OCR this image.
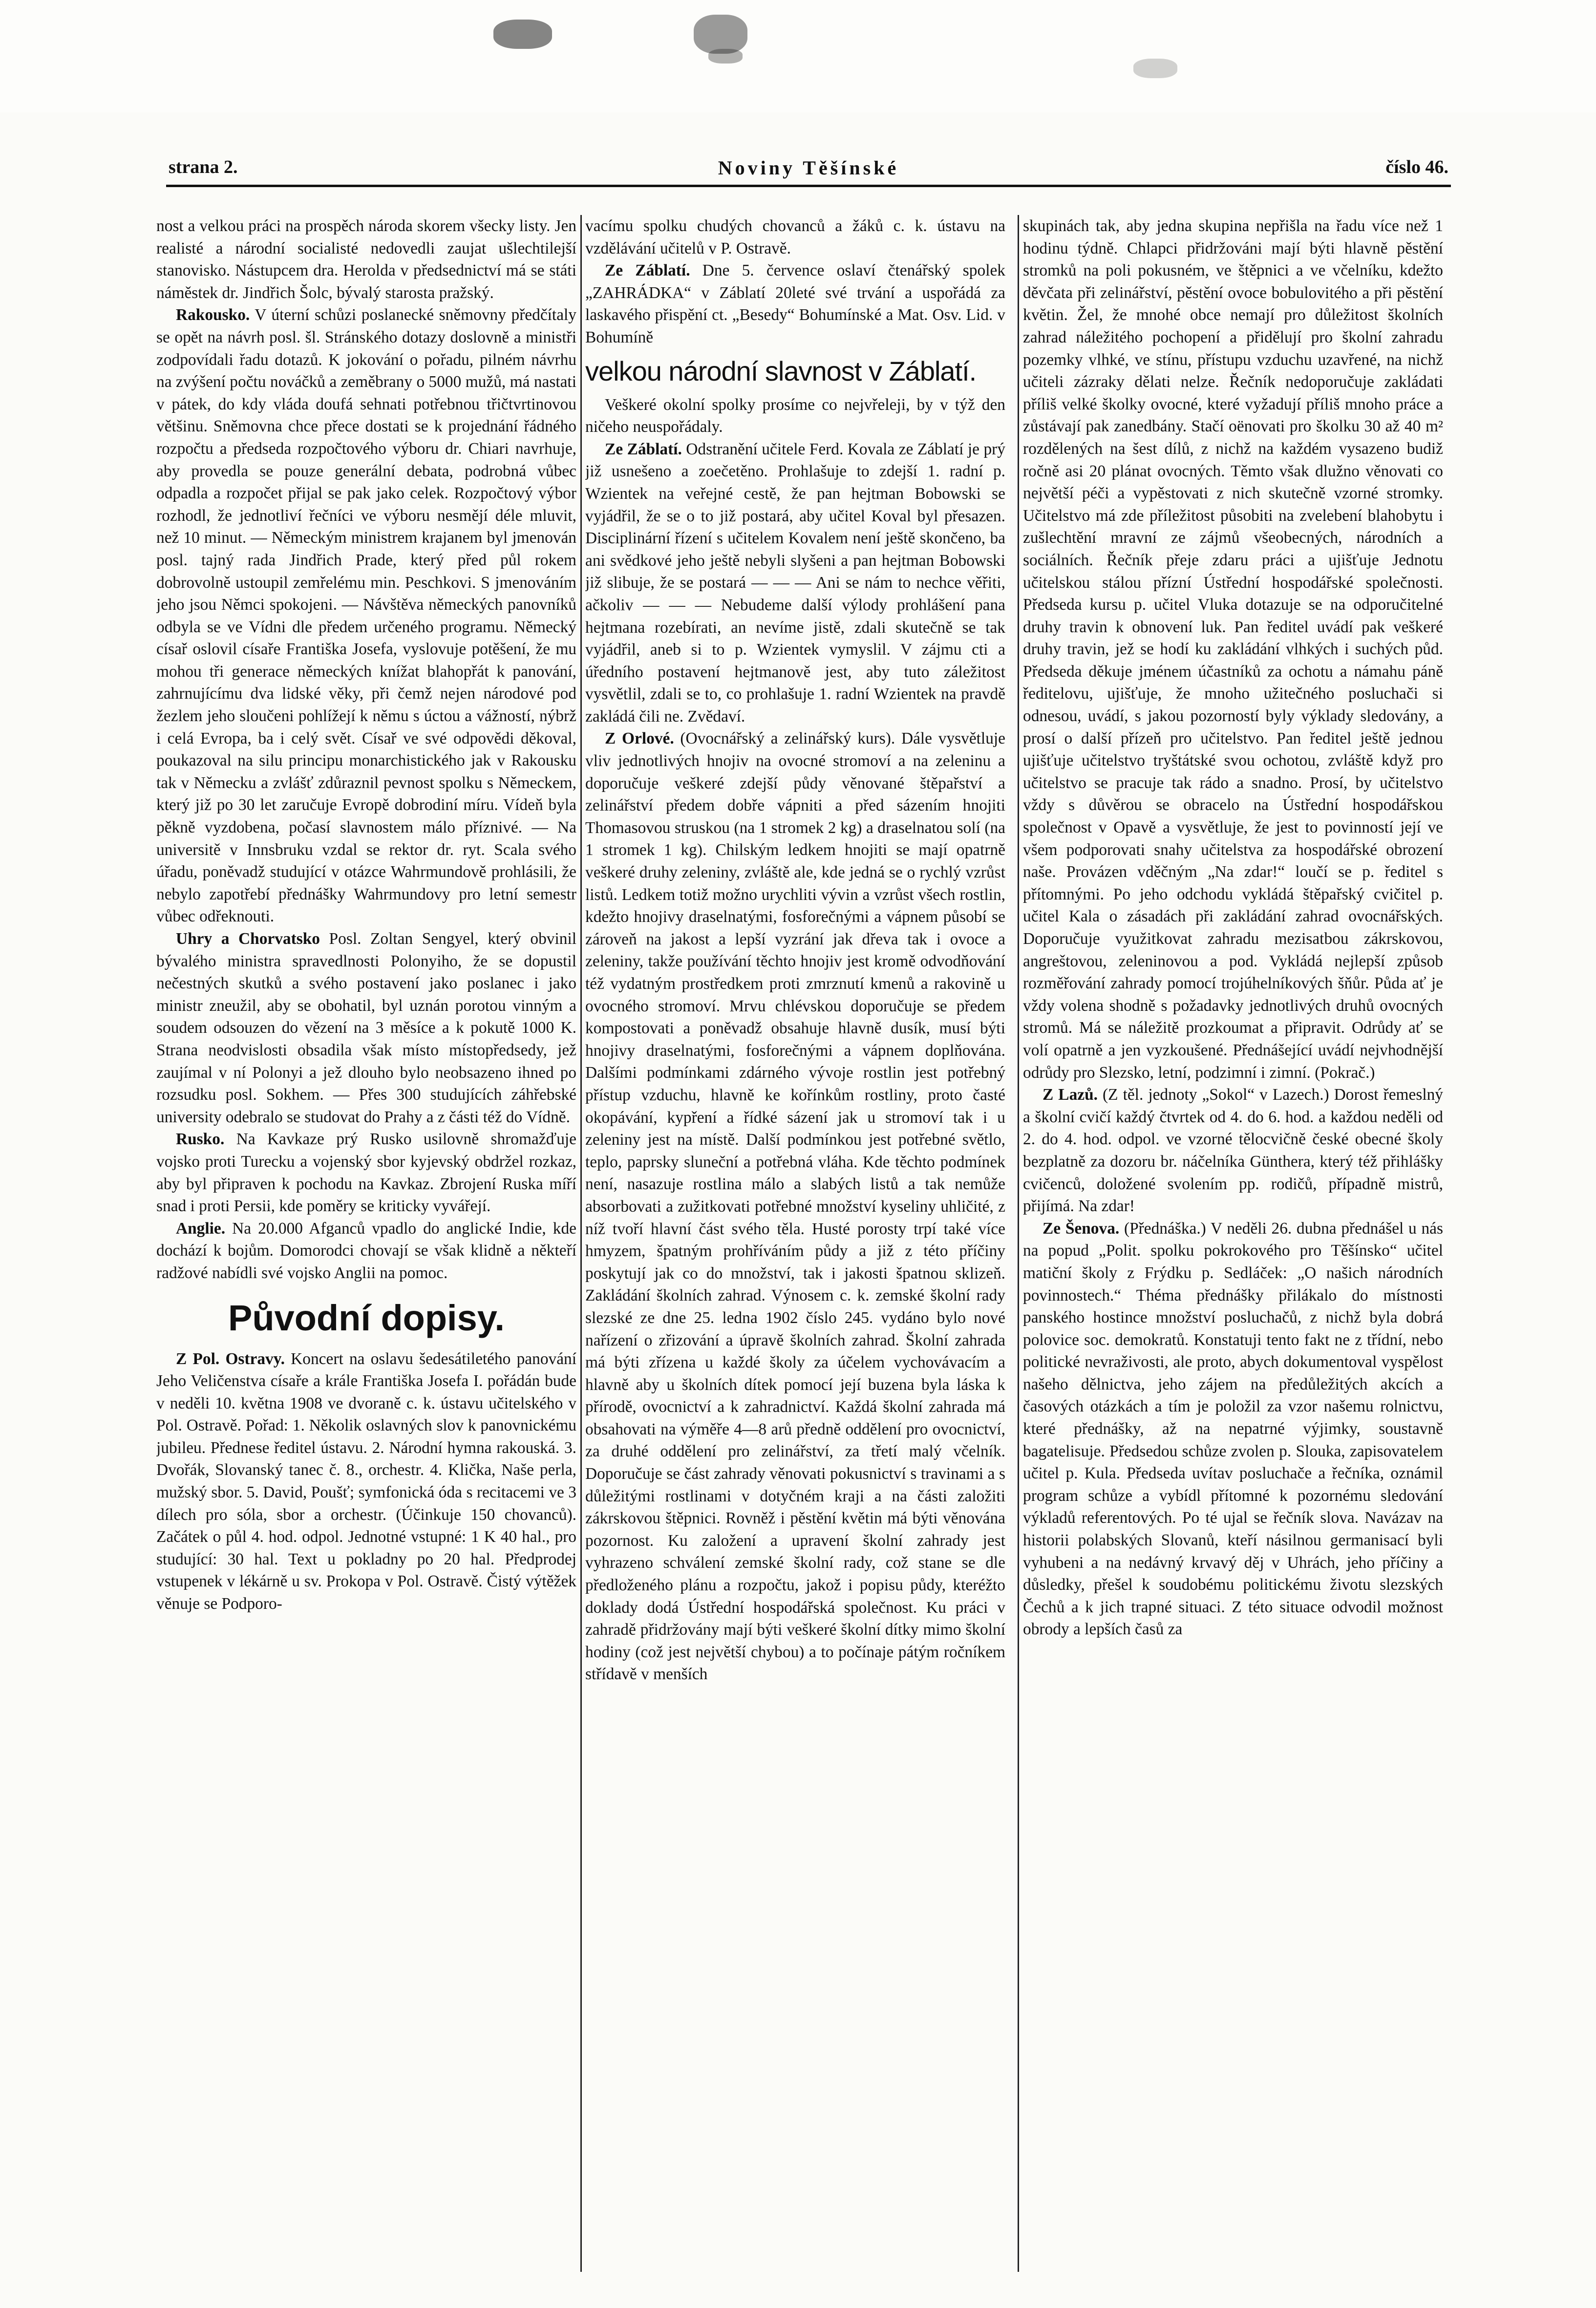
strana 2.	Noviny Těšínské	číslo 46.

nost a velkou práci na prospěch národa skorem všecky listy. Jen realisté a národní socialisté nedovedli zaujat ušlechtilejší stanovisko. Nástupcem dra. Herolda v předsednictví má se státi náměstek dr. Jindřich Šolc, bývalý starosta pražský.

Rakousko. V úterní schůzi poslanecké sněmovny předčítaly se opět na návrh posl. šl. Stránského dotazy doslovně a ministři zodpovídali řadu dotazů. K jokování o pořadu, pilném návrhu na zvýšení počtu nováčků a zeměbrany o 5000 mužů, má nastati v pátek, do kdy vláda doufá sehnati potřebnou třičtvrtinovou většinu. Sněmovna chce přece dostati se k projednání řádného rozpočtu a předseda rozpočtového výboru dr. Chiari navrhuje, aby provedla se pouze generální debata, podrobná vůbec odpadla a rozpočet přijal se pak jako celek. Rozpočtový výbor rozhodl, že jednotliví řečníci ve výboru nesmějí déle mluvit, než 10 minut. — Německým ministrem krajanem byl jmenován posl. tajný rada Jindřich Prade, který před půl rokem dobrovolně ustoupil zemřelému min. Peschkovi. S jmenováním jeho jsou Němci spokojeni. — Návštěva německých panovníků odbyla se ve Vídni dle předem určeného programu. Německý císař oslovil císaře Františka Josefa, vyslovuje potěšení, že mu mohou tři generace německých knížat blahopřát k panování, zahrnujícímu dva lidské věky, při čemž nejen národové pod žezlem jeho sloučeni pohlížejí k němu s úctou a vážností, nýbrž i celá Evropa, ba i celý svět. Císař ve své odpovědi děkoval, poukazoval na silu principu monarchistického jak v Rakousku tak v Německu a zvlášť zdůraznil pevnost spolku s Německem, který již po 30 let zaručuje Evropě dobrodiní míru. Vídeň byla pěkně vyzdobena, počasí slavnostem málo příznivé. — Na universitě v Innsbruku vzdal se rektor dr. ryt. Scala svého úřadu, poněvadž studující v otázce Wahrmundově prohlásili, že nebylo zapotřebí přednášky Wahrmundovy pro letní semestr vůbec odřeknouti.

Uhry a Chorvatsko Posl. Zoltan Sengyel, který obvinil bývalého ministra spravedlnosti Polonyiho, že se dopustil nečestných skutků a svého postavení jako poslanec i jako ministr zneužil, aby se obohatil, byl uznán porotou vinným a soudem odsouzen do vězení na 3 měsíce a k pokutě 1000 K. Strana neodvislosti obsadila však místo místopředsedy, jež zaujímal v ní Polonyi a jež dlouho bylo neobsazeno ihned po rozsudku posl. Sokhem. — Přes 300 studujících záhřebské university odebralo se studovat do Prahy a z části též do Vídně.

Rusko. Na Kavkaze prý Rusko usilovně shromažďuje vojsko proti Turecku a vojenský sbor kyjevský obdržel rozkaz, aby byl připraven k pochodu na Kavkaz. Zbrojení Ruska míří snad i proti Persii, kde poměry se kriticky vyvářejí.

Anglie. Na 20.000 Afganců vpadlo do anglické Indie, kde dochází k bojům. Domorodci chovají se však klidně a někteří radžové nabídli své vojsko Anglii na pomoc.

Původní dopisy.

Z Pol. Ostravy. Koncert na oslavu šedesátiletého panování Jeho Veličenstva císaře a krále Františka Josefa I. pořádán bude v neděli 10. května 1908 ve dvoraně c. k. ústavu učitelského v Pol. Ostravě. Pořad: 1. Několik oslavných slov k panovnickému jubileu. Přednese ředitel ústavu. 2. Národní hymna rakouská. 3. Dvořák, Slovanský tanec č. 8., orchestr. 4. Klička, Naše perla, mužský sbor. 5. David, Poušť; symfonická óda s recitacemi ve 3 dílech pro sóla, sbor a orchestr. (Účinkuje 150 chovanců). Začátek o půl 4. hod. odpol. Jednotné vstupné: 1 K 40 hal., pro studující: 30 hal. Text u pokladny po 20 hal. Předprodej vstupenek v lékárně u sv. Prokopa v Pol. Ostravě. Čistý výtěžek věnuje se Podporo-

vacímu spolku chudých chovanců a žáků c. k. ústavu na vzdělávání učitelů v P. Ostravě.

Ze Záblatí. Dne 5. července oslaví čtenářský spolek „ZAHRÁDKA“ v Záblatí 20leté své trvání a uspořádá za laskavého přispění ct. „Besedy“ Bohumínské a Mat. Osv. Lid. v Bohumíně

velkou národní slavnost v Záblatí.

Veškeré okolní spolky prosíme co nejvřeleji, by v týž den ničeho neuspořádaly.

Ze Záblatí. Odstranění učitele Ferd. Kovala ze Záblatí je prý již usnešeno a zoečetěno. Prohlašuje to zdejší 1. radní p. Wzientek na veřejné cestě, že pan hejtman Bobowski se vyjádřil, že se o to již postará, aby učitel Koval byl přesazen. Disciplinární řízení s učitelem Kovalem není ještě skončeno, ba ani svědkové jeho ještě nebyli slyšeni a pan hejtman Bobowski již slibuje, že se postará — — — Ani se nám to nechce věřiti, ačkoliv — — — Nebudeme další výlody prohlášení pana hejtmana rozebírati, an nevíme jistě, zdali skutečně se tak vyjádřil, aneb si to p. Wzientek vymyslil. V zájmu cti a úředního postavení hejtmanově jest, aby tuto záležitost vysvětlil, zdali se to, co prohlašuje 1. radní Wzientek na pravdě zakládá čili ne. Zvědaví.

Z Orlové. (Ovocnářský a zelinářský kurs). Dále vysvětluje vliv jednotlivých hnojiv na ovocné stromoví a na zeleninu a doporučuje veškeré zdejší půdy věnované štěpařství a zelinářství předem dobře vápniti a před sázením hnojiti Thomasovou struskou (na 1 stromek 2 kg) a draselnatou solí (na 1 stromek 1 kg). Chilským ledkem hnojiti se mají opatrně veškeré druhy zeleniny, zvláště ale, kde jedná se o rychlý vzrůst listů. Ledkem totiž možno urychliti vývin a vzrůst všech rostlin, kdežto hnojivy draselnatými, fosforečnými a vápnem působí se zároveň na jakost a lepší vyzrání jak dřeva tak i ovoce a zeleniny, takže používání těchto hnojiv jest kromě odvodňování též vydatným prostředkem proti zmrznutí kmenů a rakovině u ovocného stromoví. Mrvu chlévskou doporučuje se předem kompostovati a poněvadž obsahuje hlavně dusík, musí býti hnojivy draselnatými, fosforečnými a vápnem doplňována. Dalšími podmínkami zdárného vývoje rostlin jest potřebný přístup vzduchu, hlavně ke kořínkům rostliny, proto časté okopávání, kypření a řídké sázení jak u stromoví tak i u zeleniny jest na místě. Další podmínkou jest potřebné světlo, teplo, paprsky sluneční a potřebná vláha. Kde těchto podmínek není, nasazuje rostlina málo a slabých listů a tak nemůže absorbovati a zužitkovati potřebné množství kyseliny uhličité, z níž tvoří hlavní část svého těla. Husté porosty trpí také více hmyzem, špatným prohříváním půdy a již z této příčiny poskytují jak co do množství, tak i jakosti špatnou sklizeň. Zakládání školních zahrad. Výnosem c. k. zemské školní rady slezské ze dne 25. ledna 1902 číslo 245. vydáno bylo nové nařízení o zřizování a úpravě školních zahrad. Školní zahrada má býti zřízena u každé školy za účelem vychovávacím a hlavně aby u školních dítek pomocí její buzena byla láska k přírodě, ovocnictví a k zahradnictví. Každá školní zahrada má obsahovati na výměře 4—8 arů předně oddělení pro ovocnictví, za druhé oddělení pro zelinářství, za třetí malý včelník. Doporučuje se část zahrady věnovati pokusnictví s travinami a s důležitými rostlinami v dotyčném kraji a na části založiti zákrskovou štěpnici. Rovněž i pěstění květin má býti věnována pozornost. Ku založení a upravení školní zahrady jest vyhrazeno schválení zemské školní rady, což stane se dle předloženého plánu a rozpočtu, jakož i popisu půdy, kteréžto doklady dodá Ústřední hospodářská společnost. Ku práci v zahradě přidržovány mají býti veškeré školní dítky mimo školní hodiny (což jest největší chybou) a to počínaje pátým ročníkem střídavě v menších

skupinách tak, aby jedna skupina nepřišla na řadu více než 1 hodinu týdně. Chlapci přidržováni mají býti hlavně pěstění stromků na poli pokusném, ve štěpnici a ve včelníku, kdežto děvčata při zelinářství, pěstění ovoce bobulovitého a při pěstění květin. Žel, že mnohé obce nemají pro důležitost školních zahrad náležitého pochopení a přidělují pro školní zahradu pozemky vlhké, ve stínu, přístupu vzduchu uzavřené, na nichž učiteli zázraky dělati nelze. Řečník nedoporučuje zakládati příliš velké školky ovocné, které vyžadují příliš mnoho práce a zůstávají pak zanedbány. Stačí oënovati pro školku 30 až 40 m² rozdělených na šest dílů, z nichž na každém vysazeno budiž ročně asi 20 plánat ovocných. Těmto však dlužno věnovati co největší péči a vypěstovati z nich skutečně vzorné stromky. Učitelstvo má zde příležitost působiti na zvelebení blahobytu i zušlechtění mravní ze zájmů všeobecných, národních a sociálních. Řečník přeje zdaru práci a ujišťuje Jednotu učitelskou stálou přízní Ústřední hospodářské společnosti. Předseda kursu p. učitel Vluka dotazuje se na odporučitelné druhy travin k obnovení luk. Pan ředitel uvádí pak veškeré druhy travin, jež se hodí ku zakládání vlhkých i suchých půd. Předseda děkuje jménem účastníků za ochotu a námahu páně ředitelovu, ujišťuje, že mnoho užitečného posluchači si odnesou, uvádí, s jakou pozorností byly výklady sledovány, a prosí o další přízeň pro učitelstvo. Pan ředitel ještě jednou ujišťuje učitelstvo tryštátské svou ochotou, zvláště když pro učitelstvo se pracuje tak rádo a snadno. Prosí, by učitelstvo vždy s důvěrou se obracelo na Ústřední hospodářskou společnost v Opavě a vysvětluje, že jest to povinností její ve všem podporovati snahy učitelstva za hospodářské obrození naše. Provázen vděčným „Na zdar!“ loučí se p. ředitel s přítomnými. Po jeho odchodu vykládá štěpařský cvičitel p. učitel Kala o zásadách při zakládání zahrad ovocnářských. Doporučuje využitkovat zahradu mezisatbou zákrskovou, angreštovou, zeleninovou a pod. Vykládá nejlepší způsob rozměřování zahrady pomocí trojúhelníkových šňůr. Půda ať je vždy volena shodně s požadavky jednotlivých druhů ovocných stromů. Má se náležitě prozkoumat a připravit. Odrůdy ať se volí opatrně a jen vyzkoušené. Přednášející uvádí nejvhodnější odrůdy pro Slezsko, letní, podzimní i zimní. (Pokrač.)

Z Lazů. (Z těl. jednoty „Sokol“ v Lazech.) Dorost řemeslný a školní cvičí každý čtvrtek od 4. do 6. hod. a každou neděli od 2. do 4. hod. odpol. ve vzorné tělocvičně české obecné školy bezplatně za dozoru br. náčelníka Günthera, který též přihlášky cvičenců, doložené svolením pp. rodičů, případně mistrů, přijímá. Na zdar!

Ze Šenova. (Přednáška.) V neděli 26. dubna přednášel u nás na popud „Polit. spolku pokrokového pro Těšínsko“ učitel matiční školy z Frýdku p. Sedláček: „O našich národních povinnostech.“ Théma přednášky přilákalo do místnosti panského hostince množství posluchačů, z nichž byla dobrá polovice soc. demokratů. Konstatuji tento fakt ne z třídní, nebo politické nevraživosti, ale proto, abych dokumentoval vyspělost našeho dělnictva, jeho zájem na předůležitých akcích a časových otázkách a tím je položil za vzor našemu rolnictvu, které přednášky, až na nepatrné výjimky, soustavně bagatelisuje. Předsedou schůze zvolen p. Slouka, zapisovatelem učitel p. Kula. Předseda uvítav posluchače a řečníka, oznámil program schůze a vybídl přítomné k pozornému sledování výkladů referentových. Po té ujal se řečník slova. Navázav na historii polabských Slovanů, kteří násilnou germanisací byli vyhubeni a na nedávný krvavý děj v Uhrách, jeho příčiny a důsledky, přešel k soudobému politickému životu slezských Čechů a k jich trapné situaci. Z této situace odvodil možnost obrody a lepších časů za
